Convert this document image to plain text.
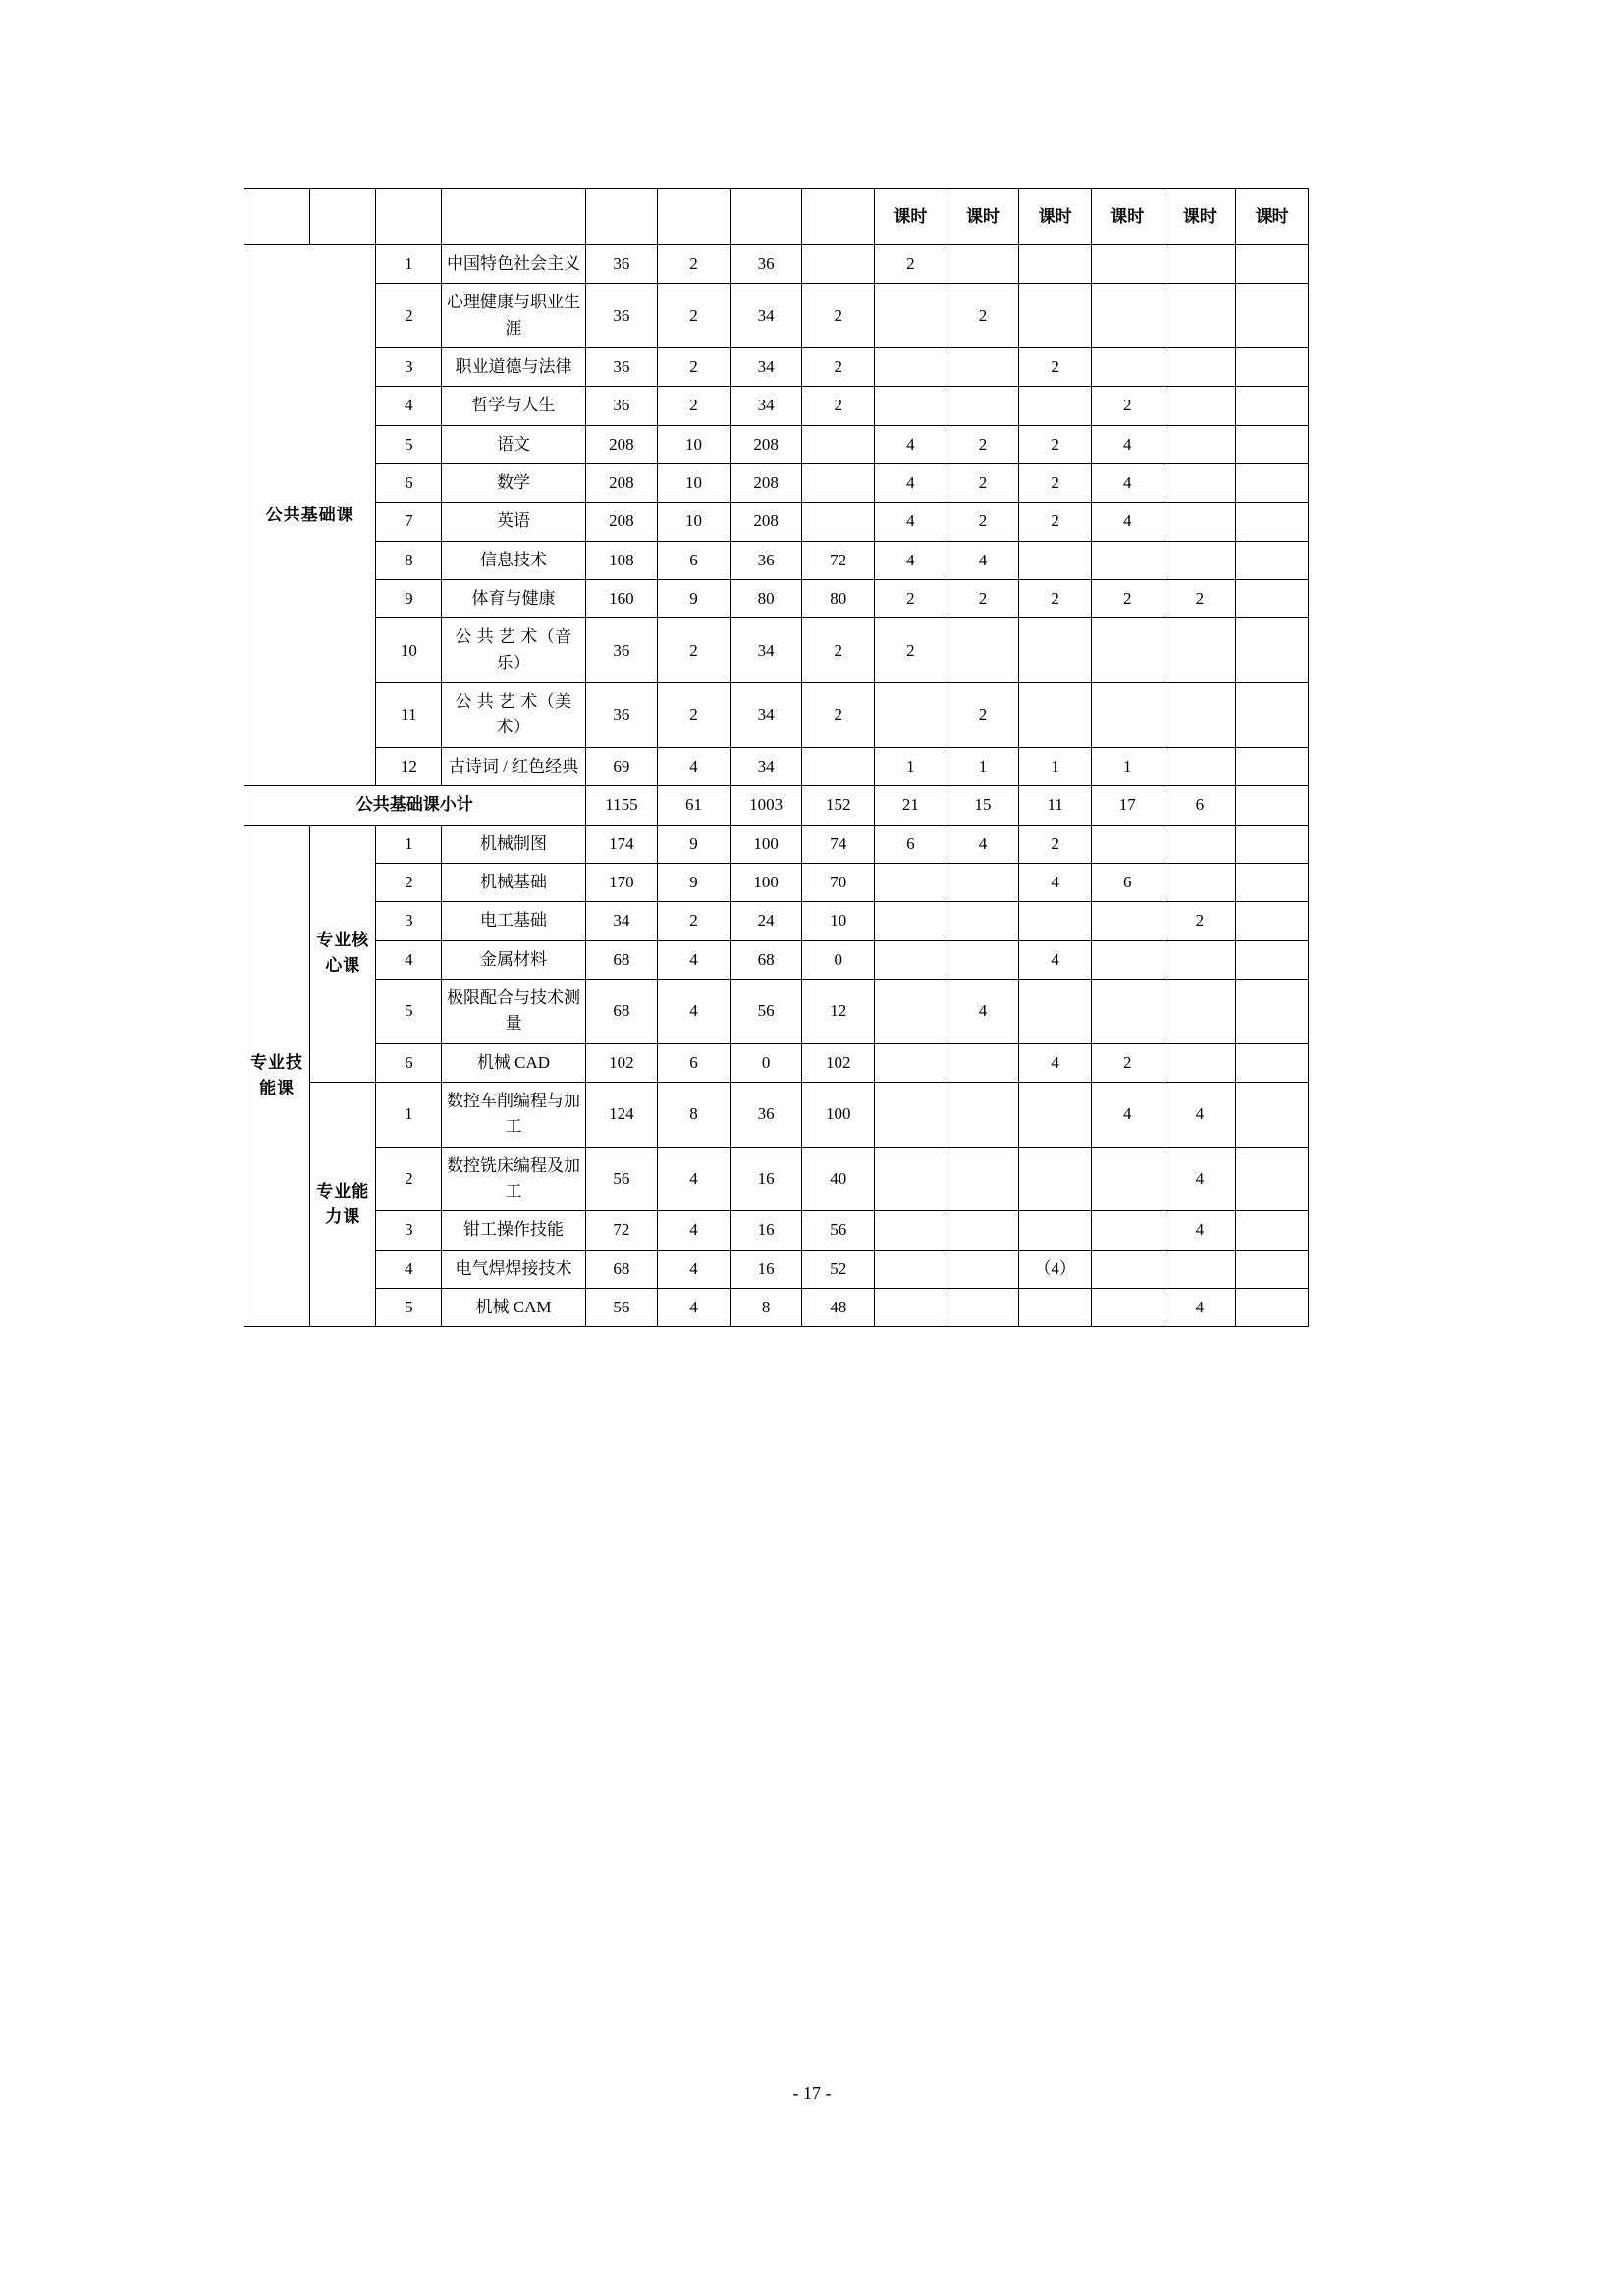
								课时	课时	课时	课时	课时	课时
公共基础课		1	中国特色社会主义	36	2	36		2					
		2	心理健康与职业生涯	36	2	34	2		2				
		3	职业道德与法律	36	2	34	2			2			
		4	哲学与人生	36	2	34	2				2		
		5	语文	208	10	208		4	2	2	4		
		6	数学	208	10	208		4	2	2	4		
		7	英语	208	10	208		4	2	2	4		
		8	信息技术	108	6	36	72	4	4				
		9	体育与健康	160	9	80	80	2	2	2	2	2	
		10	公 共 艺 术（音乐）	36	2	34	2	2					
		11	公 共 艺 术（美术）	36	2	34	2		2				
		12	古诗词 / 红色经典	69	4	34		1	1	1	1		
公共基础课小计				1155	61	1003	152	21	15	11	17	6	
专业技能课	专业核心课	1	机械制图	174	9	100	74	6	4	2			
		2	机械基础	170	9	100	70			4	6		
		3	电工基础	34	2	24	10					2	
		4	金属材料	68	4	68	0			4			
		5	极限配合与技术测量	68	4	56	12		4				
		6	机械 CAD	102	6	0	102			4	2		
	专业能力课	1	数控车削编程与加工	124	8	36	100				4	4	
		2	数控铣床编程及加工	56	4	16	40					4	
		3	钳工操作技能	72	4	16	56					4	
		4	电气焊焊接技术	68	4	16	52			（4）			
		5	机械 CAM	56	4	8	48					4	
- 17 -
